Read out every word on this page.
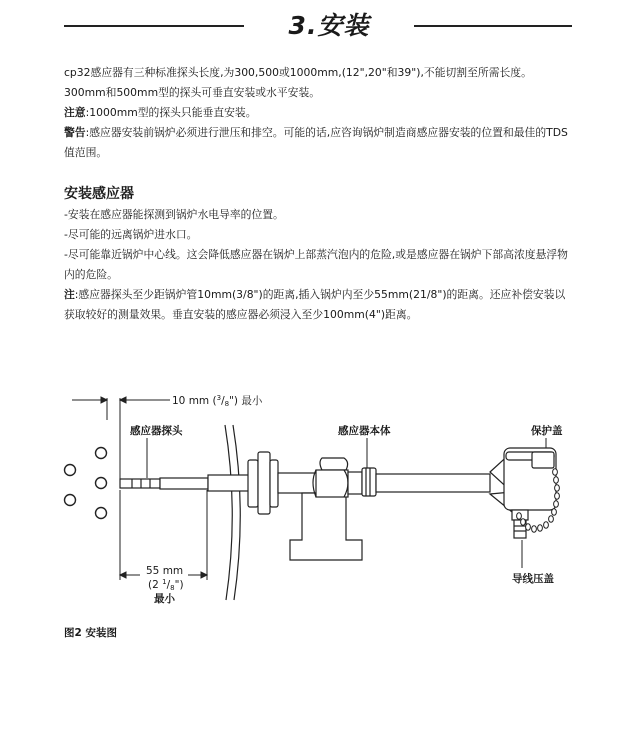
3.安装

cp32感应器有三种标准探头长度,为300,500或1000mm,(12",20"和39"),不能切割至所需长度。

300mm和500mm型的探头可垂直安装或水平安装。

注意:1000mm型的探头只能垂直安装。

警告:感应器安装前锅炉必须进行泄压和排空。可能的话,应咨询锅炉制造商感应器安装的位置和最佳的TDS值范围。

安装感应器

-安装在感应器能探测到锅炉水电导率的位置。

-尽可能的远离锅炉进水口。

-尽可能靠近锅炉中心线。这会降低感应器在锅炉上部蒸汽泡内的危险,或是感应器在锅炉下部高浓度悬浮物内的危险。

注:感应器探头至少距锅炉管10mm(3/8")的距离,插入锅炉内至少55mm(21/8")的距离。还应补偿安装以获取较好的测量效果。垂直安装的感应器必须浸入至少100mm(4")距离。

10 mm ($^3$/8") 最小
感应器探头
55 mm
(2 $^1$/8")
最小
感应器本体	保护盖
导线压盖
图2 安装图
